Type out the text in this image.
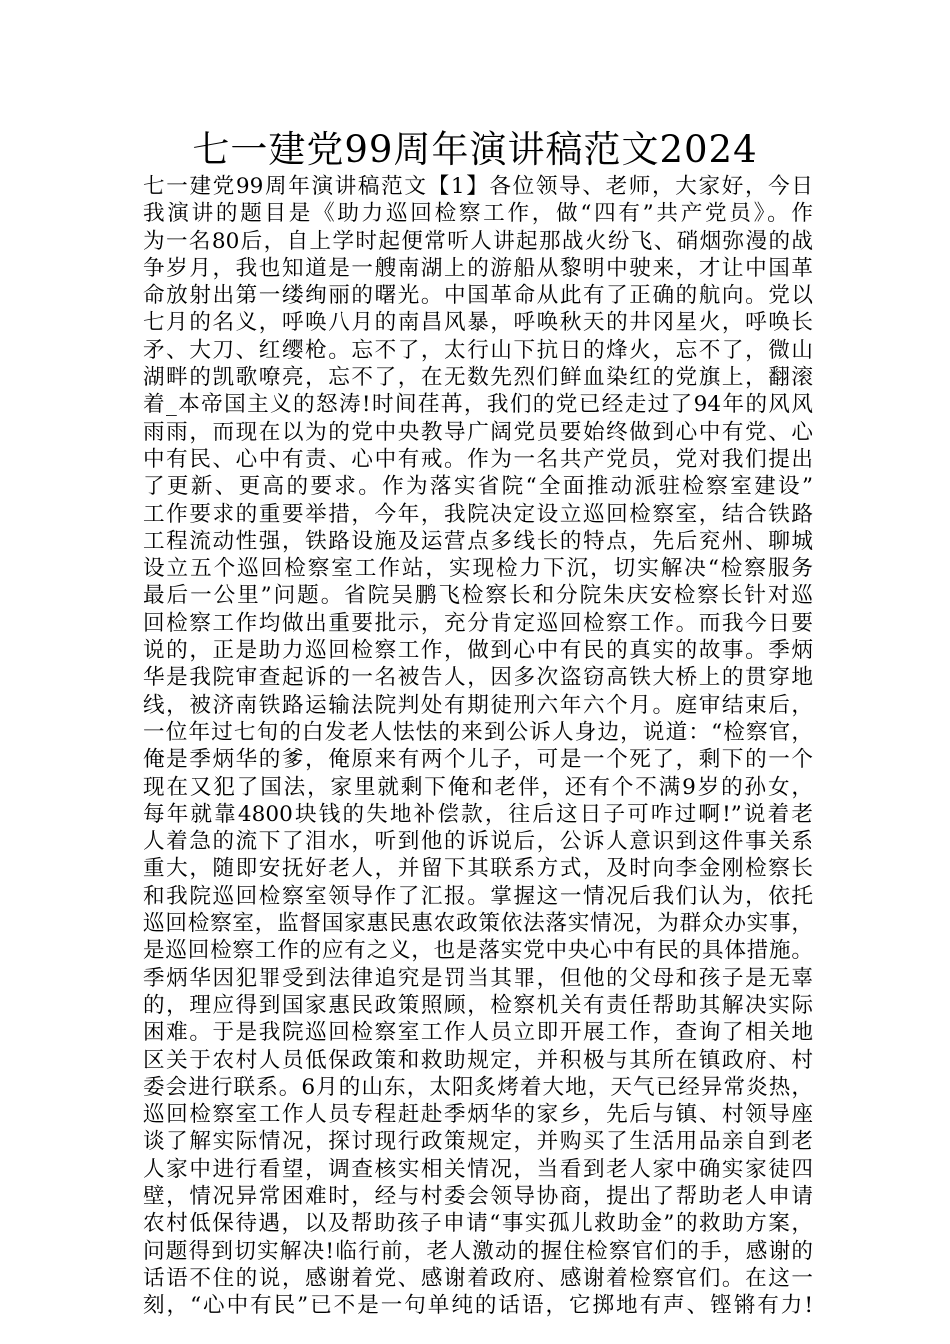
七一建党99周年演讲稿范文2024
七一建党99周年演讲稿范文【1】各位领导、老师，大家好，今日
我演讲的题目是《助力巡回检察工作，做“四有”共产党员》。作
为一名80后，自上学时起便常听人讲起那战火纷飞、硝烟弥漫的战
争岁月，我也知道是一艘南湖上的游船从黎明中驶来，才让中国革
命放射出第一缕绚丽的曙光。中国革命从此有了正确的航向。党以
七月的名义，呼唤八月的南昌风暴，呼唤秋天的井冈星火，呼唤长
矛、大刀、红缨枪。忘不了，太行山下抗日的烽火，忘不了，微山
湖畔的凯歌嘹亮，忘不了，在无数先烈们鲜血染红的党旗上，翻滚
着_本帝国主义的怒涛!时间荏苒，我们的党已经走过了94年的风风
雨雨，而现在以为的党中央教导广阔党员要始终做到心中有党、心
中有民、心中有责、心中有戒。作为一名共产党员，党对我们提出
了更新、更高的要求。作为落实省院“全面推动派驻检察室建设”
工作要求的重要举措，今年，我院决定设立巡回检察室，结合铁路
工程流动性强，铁路设施及运营点多线长的特点，先后兖州、聊城
设立五个巡回检察室工作站，实现检力下沉，切实解决“检察服务
最后一公里”问题。省院吴鹏飞检察长和分院朱庆安检察长针对巡
回检察工作均做出重要批示，充分肯定巡回检察工作。而我今日要
说的，正是助力巡回检察工作，做到心中有民的真实的故事。季炳
华是我院审查起诉的一名被告人，因多次盗窃高铁大桥上的贯穿地
线，被济南铁路运输法院判处有期徒刑六年六个月。庭审结束后，
一位年过七旬的白发老人怯怯的来到公诉人身边，说道：“检察官，
俺是季炳华的爹，俺原来有两个儿子，可是一个死了，剩下的一个
现在又犯了国法，家里就剩下俺和老伴，还有个不满9岁的孙女，
每年就靠4800块钱的失地补偿款，往后这日子可咋过啊!”说着老
人着急的流下了泪水，听到他的诉说后，公诉人意识到这件事关系
重大，随即安抚好老人，并留下其联系方式，及时向李金刚检察长
和我院巡回检察室领导作了汇报。掌握这一情况后我们认为，依托
巡回检察室，监督国家惠民惠农政策依法落实情况，为群众办实事，
是巡回检察工作的应有之义，也是落实党中央心中有民的具体措施。
季炳华因犯罪受到法律追究是罚当其罪，但他的父母和孩子是无辜
的，理应得到国家惠民政策照顾，检察机关有责任帮助其解决实际
困难。于是我院巡回检察室工作人员立即开展工作，查询了相关地
区关于农村人员低保政策和救助规定，并积极与其所在镇政府、村
委会进行联系。6月的山东，太阳炙烤着大地，天气已经异常炎热，
巡回检察室工作人员专程赶赴季炳华的家乡，先后与镇、村领导座
谈了解实际情况，探讨现行政策规定，并购买了生活用品亲自到老
人家中进行看望，调查核实相关情况，当看到老人家中确实家徒四
壁，情况异常困难时，经与村委会领导协商，提出了帮助老人申请
农村低保待遇，以及帮助孩子申请“事实孤儿救助金”的救助方案，
问题得到切实解决!临行前，老人激动的握住检察官们的手，感谢的
话语不住的说，感谢着党、感谢着政府、感谢着检察官们。在这一
刻，“心中有民”已不是一句单纯的话语，它掷地有声、铿锵有力!
